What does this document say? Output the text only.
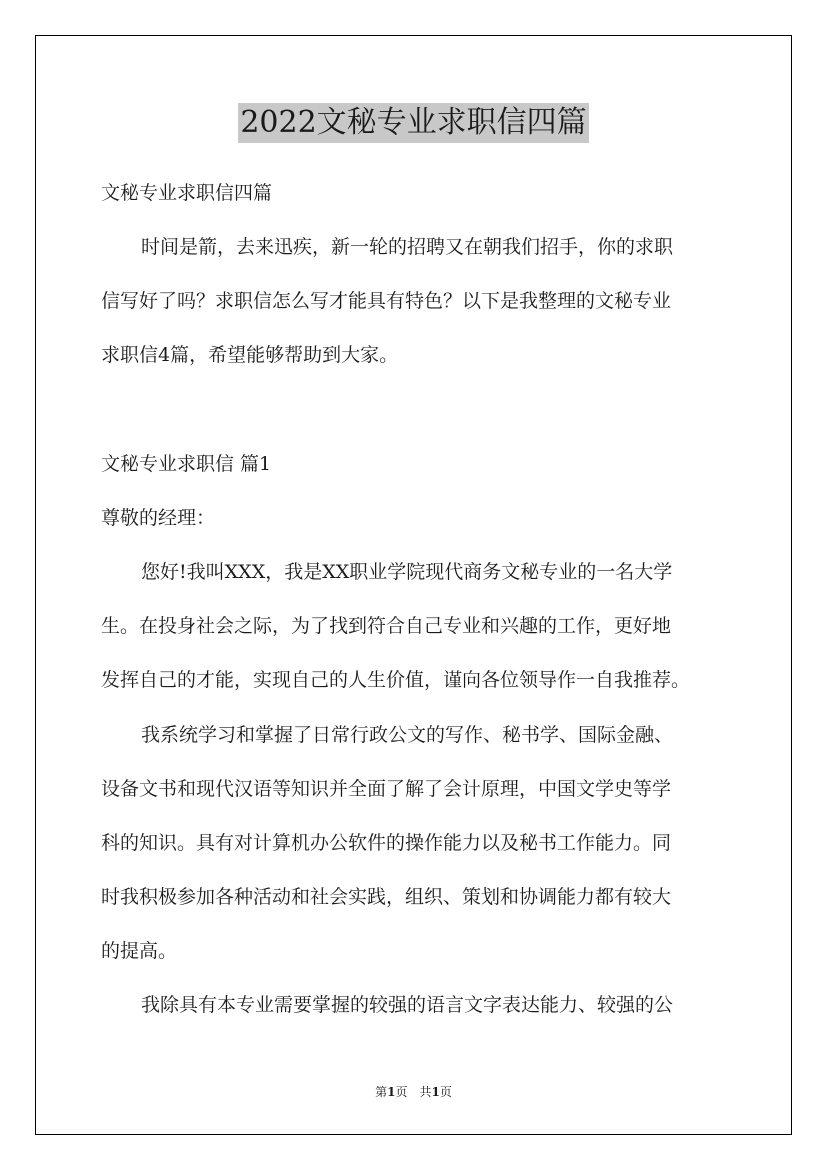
2022文秘专业求职信四篇

文秘专业求职信四篇

时间是箭，去来迅疾，新一轮的招聘又在朝我们招手，你的求职

信写好了吗？求职信怎么写才能具有特色？以下是我整理的文秘专业

求职信4篇，希望能够帮助到大家。

文秘专业求职信 篇1

尊敬的经理：

您好!我叫XXX，我是XX职业学院现代商务文秘专业的一名大学

生。在投身社会之际，为了找到符合自己专业和兴趣的工作，更好地

发挥自己的才能，实现自己的人生价值，谨向各位领导作一自我推荐。

我系统学习和掌握了日常行政公文的写作、秘书学、国际金融、

设备文书和现代汉语等知识并全面了解了会计原理，中国文学史等学

科的知识。具有对计算机办公软件的操作能力以及秘书工作能力。同

时我积极参加各种活动和社会实践，组织、策划和协调能力都有较大

的提高。

我除具有本专业需要掌握的较强的语言文字表达能力、较强的公

第1页　共1页
